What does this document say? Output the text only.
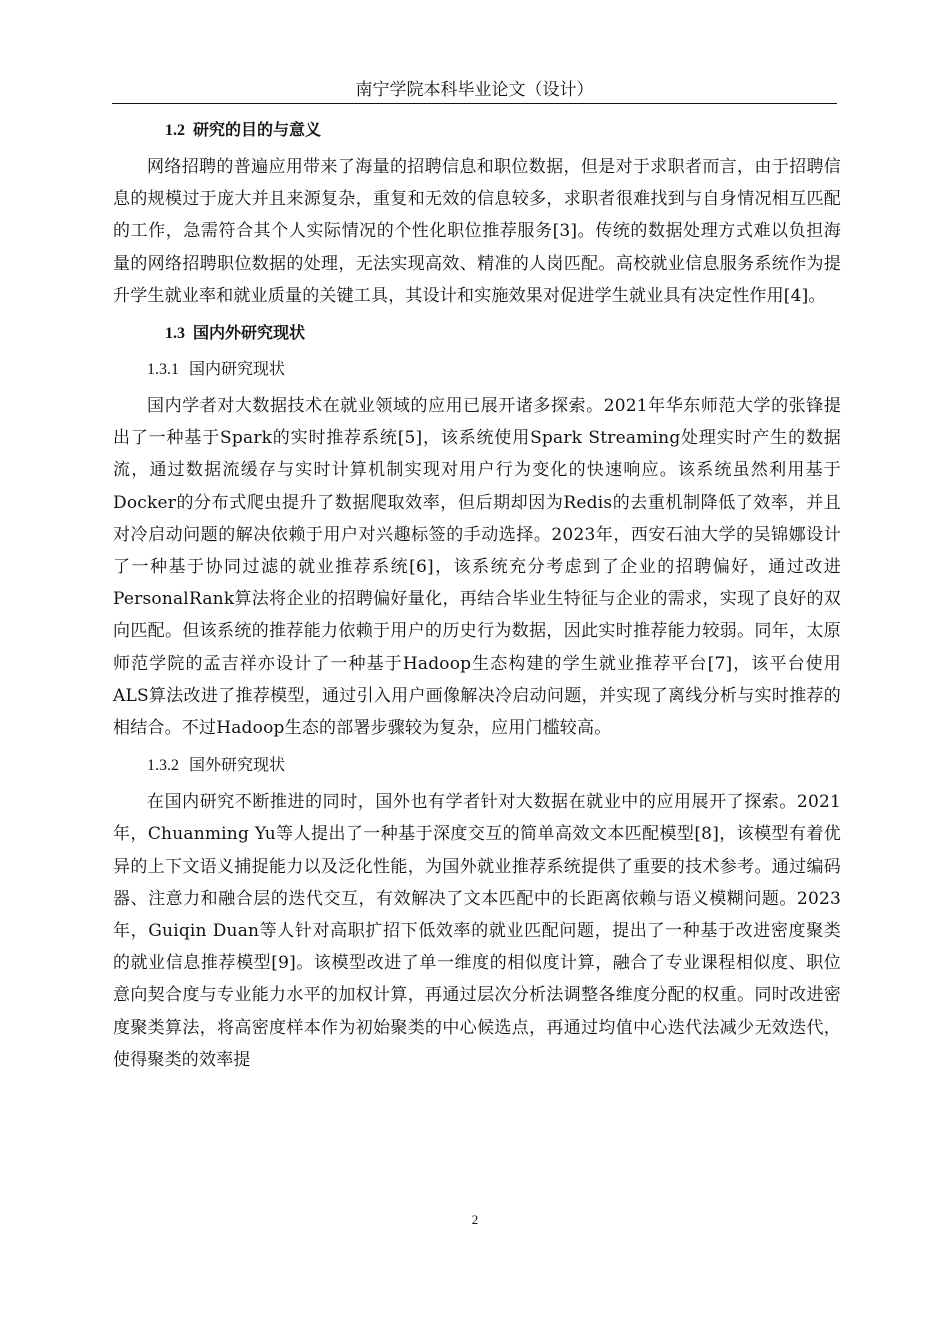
南宁学院本科毕业论文（设计）
1.2 研究的目的与意义
网络招聘的普遍应用带来了海量的招聘信息和职位数据，但是对于求职者而言，由于招聘信息的规模过于庞大并且来源复杂，重复和无效的信息较多，求职者很难找到与自身情况相互匹配的工作，急需符合其个人实际情况的个性化职位推荐服务[3]。传统的数据处理方式难以负担海量的网络招聘职位数据的处理，无法实现高效、精准的人岗匹配。高校就业信息服务系统作为提升学生就业率和就业质量的关键工具，其设计和实施效果对促进学生就业具有决定性作用[4]。
1.3 国内外研究现状
1.3.1 国内研究现状
国内学者对大数据技术在就业领域的应用已展开诸多探索。2021年华东师范大学的张锋提出了一种基于Spark的实时推荐系统[5]，该系统使用Spark Streaming处理实时产生的数据流，通过数据流缓存与实时计算机制实现对用户行为变化的快速响应。该系统虽然利用基于Docker的分布式爬虫提升了数据爬取效率，但后期却因为Redis的去重机制降低了效率，并且对冷启动问题的解决依赖于用户对兴趣标签的手动选择。2023年，西安石油大学的吴锦娜设计了一种基于协同过滤的就业推荐系统[6]，该系统充分考虑到了企业的招聘偏好，通过改进PersonalRank算法将企业的招聘偏好量化，再结合毕业生特征与企业的需求，实现了良好的双向匹配。但该系统的推荐能力依赖于用户的历史行为数据，因此实时推荐能力较弱。同年，太原师范学院的孟吉祥亦设计了一种基于Hadoop生态构建的学生就业推荐平台[7]，该平台使用ALS算法改进了推荐模型，通过引入用户画像解决冷启动问题，并实现了离线分析与实时推荐的相结合。不过Hadoop生态的部署步骤较为复杂，应用门槛较高。
1.3.2 国外研究现状
在国内研究不断推进的同时，国外也有学者针对大数据在就业中的应用展开了探索。2021年，Chuanming Yu等人提出了一种基于深度交互的简单高效文本匹配模型[8]，该模型有着优异的上下文语义捕捉能力以及泛化性能，为国外就业推荐系统提供了重要的技术参考。通过编码器、注意力和融合层的迭代交互，有效解决了文本匹配中的长距离依赖与语义模糊问题。2023年，Guiqin Duan等人针对高职扩招下低效率的就业匹配问题，提出了一种基于改进密度聚类的就业信息推荐模型[9]。该模型改进了单一维度的相似度计算，融合了专业课程相似度、职位意向契合度与专业能力水平的加权计算，再通过层次分析法调整各维度分配的权重。同时改进密度聚类算法，将高密度样本作为初始聚类的中心候选点，再通过均值中心迭代法减少无效迭代，使得聚类的效率提
2
